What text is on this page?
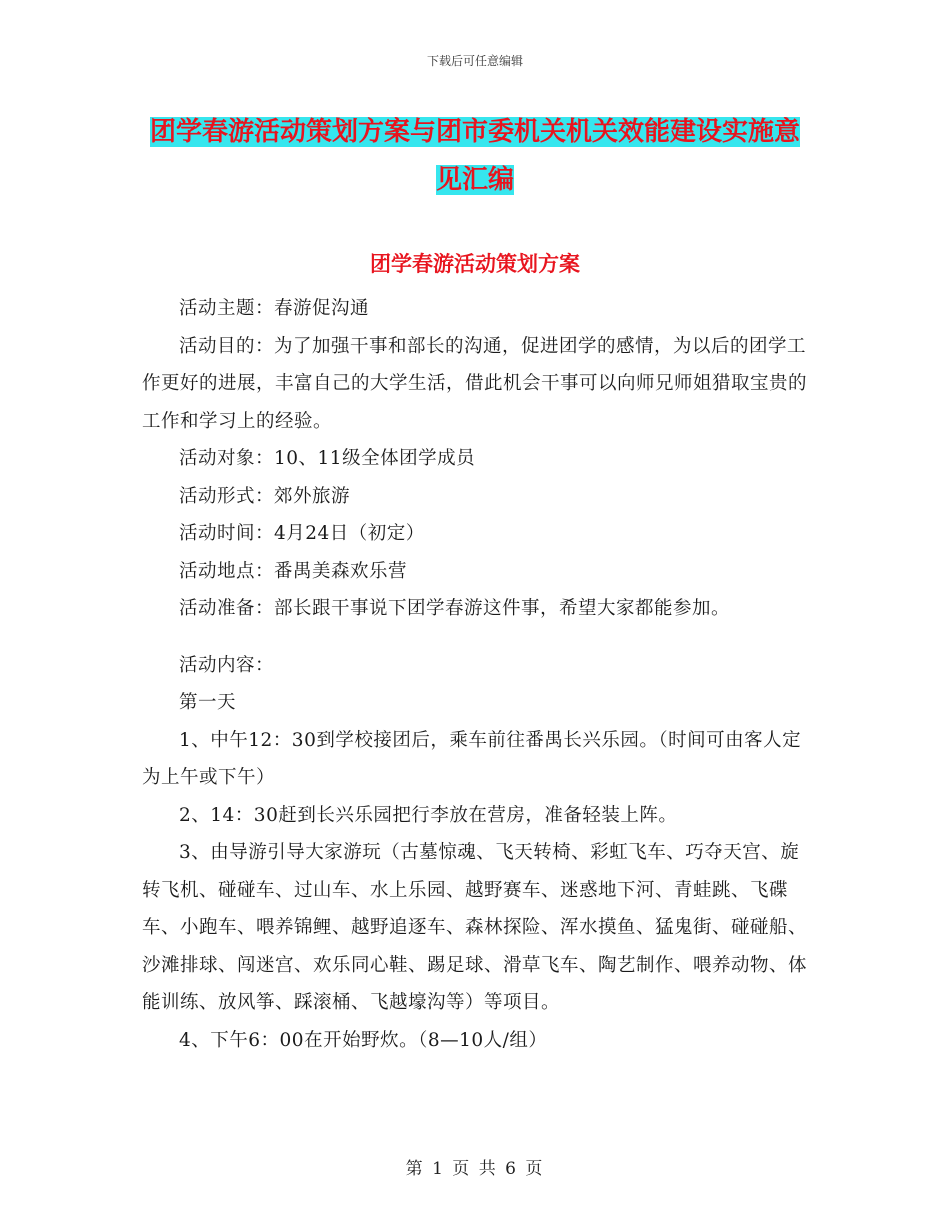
下载后可任意编辑
团学春游活动策划方案与团市委机关机关效能建设实施意见汇编
团学春游活动策划方案

活动主题：春游促沟通

活动目的：为了加强干事和部长的沟通，促进团学的感情，为以后的团学工作更好的进展，丰富自己的大学生活，借此机会干事可以向师兄师姐猎取宝贵的工作和学习上的经验。

活动对象：10、11级全体团学成员

活动形式：郊外旅游

活动时间：4月24日（初定）

活动地点：番禺美森欢乐营

活动准备：部长跟干事说下团学春游这件事，希望大家都能参加。

活动内容：

第一天

1、中午12：30到学校接团后，乘车前往番禺长兴乐园。（时间可由客人定为上午或下午）

2、14：30赶到长兴乐园把行李放在营房，准备轻装上阵。

3、由导游引导大家游玩（古墓惊魂、飞天转椅、彩虹飞车、巧夺天宫、旋转飞机、碰碰车、过山车、水上乐园、越野赛车、迷惑地下河、青蛙跳、飞碟车、小跑车、喂养锦鲤、越野追逐车、森林探险、浑水摸鱼、猛鬼街、碰碰船、沙滩排球、闯迷宫、欢乐同心鞋、踢足球、滑草飞车、陶艺制作、喂养动物、体能训练、放风筝、踩滚桶、飞越壕沟等）等项目。

4、下午6：00在开始野炊。（8—10人/组）

第 1 页 共 6 页
